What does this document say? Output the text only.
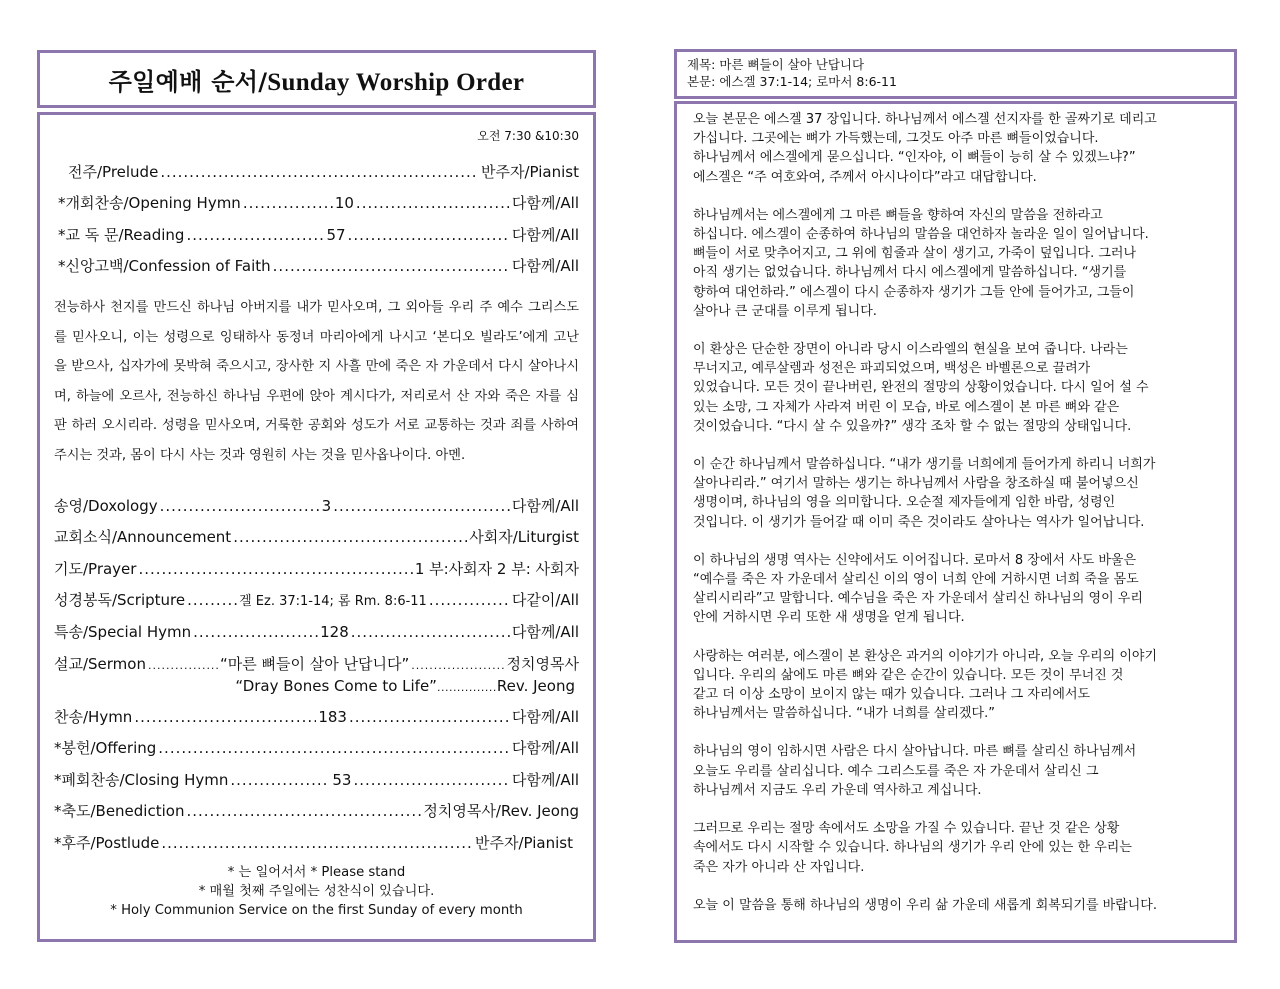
주일예배 순서/Sunday Worship Order
오전 7:30 &10:30
전주/Prelude .....	반주자/Pianist
*개회찬송/Opening Hymn .....	10 .....	다함께/All
*교 독 문/Reading .....	57 .....	다함께/All
*신앙고백/Confession of Faith .....	다함께/All
전능하사 천지를 만드신 하나님 아버지를 내가 믿사오며, 그 외아들 우리 주 예수 그리스도를 믿사오니, 이는 성령으로 잉태하사 동정녀 마리아에게 나시고 ‘본디오 빌라도’에게 고난을 받으사, 십자가에 못박혀 죽으시고, 장사한 지 사흘 만에 죽은 자 가운데서 다시 살아나시며, 하늘에 오르사, 전능하신 하나님 우편에 앉아 계시다가, 저리로서 산 자와 죽은 자를 심판 하러 오시리라. 성령을 믿사오며, 거룩한 공회와 성도가 서로 교통하는 것과 죄를 사하여 주시는 것과, 몸이 다시 사는 것과 영원히 사는 것을 믿사옵나이다. 아멘.
송영/Doxology .....	3 .....	다함께/All
교회소식/Announcement .....	사회자/Liturgist
기도/Prayer .....	1 부:사회자 2 부: 사회자
성경봉독/Scripture .....	겔 Ez. 37:1-14; 롬 Rm. 8:6-11 .....	다같이/All
특송/Special Hymn .....	128 .....	다함께/All
설교/Sermon .....	“마른 뼈들이 살아 난답니다” .....	정치영목사
“Dray Bones Come to Life” ............... Rev. Jeong
찬송/Hymn .....	183 .....	다함께/All
*봉헌/Offering .....	다함께/All
*폐회찬송/Closing Hymn .....	53 .....	다함께/All
*축도/Benediction .....	정치영목사/Rev. Jeong
*후주/Postlude .....	반주자/Pianist
* 는 일어서서 * Please stand
* 매월 첫째 주일에는 성찬식이 있습니다.
* Holy Communion Service on the first Sunday of every month
제목: 마른 뼈들이 살아 난답니다
본문: 에스겔 37:1-14; 로마서 8:6-11

오늘 본문은 에스겔 37 장입니다. 하나님께서 에스겔 선지자를 한 골짜기로 데리고
가십니다. 그곳에는 뼈가 가득했는데, 그것도 아주 마른 뼈들이었습니다.
하나님께서 에스겔에게 묻으십니다. “인자야, 이 뼈들이 능히 살 수 있겠느냐?”
에스겔은 “주 여호와여, 주께서 아시나이다”라고 대답합니다.

하나님께서는 에스겔에게 그 마른 뼈들을 향하여 자신의 말씀을 전하라고
하십니다. 에스겔이 순종하여 하나님의 말씀을 대언하자 놀라운 일이 일어납니다.
뼈들이 서로 맞추어지고, 그 위에 힘줄과 살이 생기고, 가죽이 덮입니다. 그러나
아직 생기는 없었습니다. 하나님께서 다시 에스겔에게 말씀하십니다. “생기를
향하여 대언하라.” 에스겔이 다시 순종하자 생기가 그들 안에 들어가고, 그들이
살아나 큰 군대를 이루게 됩니다.

이 환상은 단순한 장면이 아니라 당시 이스라엘의 현실을 보여 줍니다. 나라는
무너지고, 예루살렘과 성전은 파괴되었으며, 백성은 바벨론으로 끌려가
있었습니다. 모든 것이 끝나버린, 완전의 절망의 상황이었습니다. 다시 일어 설 수
있는 소망, 그 자체가 사라져 버린 이 모습, 바로 에스겔이 본 마른 뼈와 같은
것이었습니다. “다시 살 수 있을까?” 생각 조차 할 수 없는 절망의 상태입니다.

이 순간 하나님께서 말씀하십니다. “내가 생기를 너희에게 들어가게 하리니 너희가
살아나리라.” 여기서 말하는 생기는 하나님께서 사람을 창조하실 때 불어넣으신
생명이며, 하나님의 영을 의미합니다. 오순절 제자들에게 임한 바람, 성령인
것입니다. 이 생기가 들어갈 때 이미 죽은 것이라도 살아나는 역사가 일어납니다.

이 하나님의 생명 역사는 신약에서도 이어집니다. 로마서 8 장에서 사도 바울은
“예수를 죽은 자 가운데서 살리신 이의 영이 너희 안에 거하시면 너희 죽을 몸도
살리시리라”고 말합니다. 예수님을 죽은 자 가운데서 살리신 하나님의 영이 우리
안에 거하시면 우리 또한 새 생명을 얻게 됩니다.

사랑하는 여러분, 에스겔이 본 환상은 과거의 이야기가 아니라, 오늘 우리의 이야기
입니다. 우리의 삶에도 마른 뼈와 같은 순간이 있습니다. 모든 것이 무너진 것
같고 더 이상 소망이 보이지 않는 때가 있습니다. 그러나 그 자리에서도
하나님께서는 말씀하십니다. “내가 너희를 살리겠다.”

하나님의 영이 임하시면 사람은 다시 살아납니다. 마른 뼈를 살리신 하나님께서
오늘도 우리를 살리십니다. 예수 그리스도를 죽은 자 가운데서 살리신 그
하나님께서 지금도 우리 가운데 역사하고 계십니다.

그러므로 우리는 절망 속에서도 소망을 가질 수 있습니다. 끝난 것 같은 상황
속에서도 다시 시작할 수 있습니다. 하나님의 생기가 우리 안에 있는 한 우리는
죽은 자가 아니라 산 자입니다.

오늘 이 말씀을 통해 하나님의 생명이 우리 삶 가운데 새롭게 회복되기를 바랍니다.
